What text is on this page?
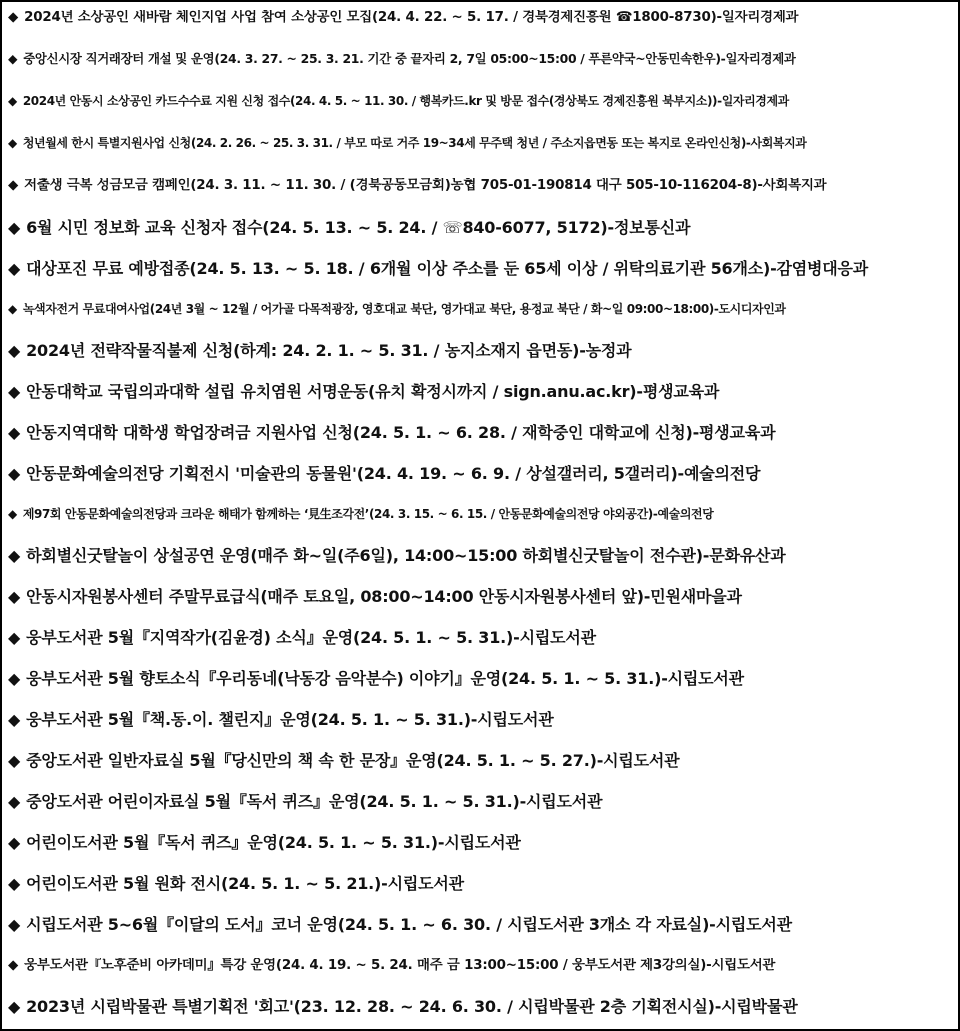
◆ 2024년 소상공인 새바람 체인지업 사업 참여 소상공인 모집(24. 4. 22. ~ 5. 17. / 경북경제진흥원 ☎1800-8730)-일자리경제과
◆ 중앙신시장 직거래장터 개설 및 운영(24. 3. 27. ~ 25. 3. 21. 기간 중 끝자리 2, 7일 05:00~15:00 / 푸른약국~안동민속한우)-일자리경제과
◆ 2024년 안동시 소상공인 카드수수료 지원 신청 접수(24. 4. 5. ~ 11. 30. / 행복카드.kr 및 방문 접수(경상북도 경제진흥원 북부지소))-일자리경제과
◆ 청년월세 한시 특별지원사업 신청(24. 2. 26. ~ 25. 3. 31. / 부모 따로 거주 19~34세 무주택 청년 / 주소지읍면동 또는 복지로 온라인신청)-사회복지과
◆ 저출생 극복 성금모금 캠페인(24. 3. 11. ~ 11. 30. / (경북공동모금회)농협 705-01-190814 대구 505-10-116204-8)-사회복지과
◆ 6월 시민 정보화 교육 신청자 접수(24. 5. 13. ~ 5. 24. / ☏840-6077, 5172)-정보통신과
◆ 대상포진 무료 예방접종(24. 5. 13. ~ 5. 18. / 6개월 이상 주소를 둔 65세 이상 / 위탁의료기관 56개소)-감염병대응과
◆ 녹색자전거 무료대여사업(24년 3월 ~ 12월 / 어가골 다목적광장, 영호대교 북단, 영가대교 북단, 용정교 북단 / 화~일 09:00~18:00)-도시디자인과
◆ 2024년 전략작물직불제 신청(하계: 24. 2. 1. ~ 5. 31. / 농지소재지 읍면동)-농정과
◆ 안동대학교 국립의과대학 설립 유치염원 서명운동(유치 확정시까지 / sign.anu.ac.kr)-평생교육과
◆ 안동지역대학 대학생 학업장려금 지원사업 신청(24. 5. 1. ~ 6. 28. / 재학중인 대학교에 신청)-평생교육과
◆ 안동문화예술의전당 기획전시 '미술관의 동물원'(24. 4. 19. ~ 6. 9. / 상설갤러리, 5갤러리)-예술의전당
◆ 제97회 안동문화예술의전당과 크라운 해태가 함께하는 ‘見生조각전’(24. 3. 15. ~ 6. 15. / 안동문화예술의전당 야외공간)-예술의전당
◆ 하회별신굿탈놀이 상설공연 운영(매주 화~일(주6일), 14:00~15:00 하회별신굿탈놀이 전수관)-문화유산과
◆ 안동시자원봉사센터 주말무료급식(매주 토요일, 08:00~14:00 안동시자원봉사센터 앞)-민원새마을과
◆ 웅부도서관 5월『지역작가(김윤경) 소식』운영(24. 5. 1. ~ 5. 31.)-시립도서관
◆ 웅부도서관 5월 향토소식『우리동네(낙동강 음악분수) 이야기』운영(24. 5. 1. ~ 5. 31.)-시립도서관
◆ 웅부도서관 5월『책.동.이. 챌린지』운영(24. 5. 1. ~ 5. 31.)-시립도서관
◆ 중앙도서관 일반자료실 5월『당신만의 책 속 한 문장』운영(24. 5. 1. ~ 5. 27.)-시립도서관
◆ 중앙도서관 어린이자료실 5월『독서 퀴즈』운영(24. 5. 1. ~ 5. 31.)-시립도서관
◆ 어린이도서관 5월『독서 퀴즈』운영(24. 5. 1. ~ 5. 31.)-시립도서관
◆ 어린이도서관 5월 원화 전시(24. 5. 1. ~ 5. 21.)-시립도서관
◆ 시립도서관 5~6월『이달의 도서』코너 운영(24. 5. 1. ~ 6. 30. / 시립도서관 3개소 각 자료실)-시립도서관
◆ 웅부도서관『노후준비 아카데미』특강 운영(24. 4. 19. ~ 5. 24. 매주 금 13:00~15:00 / 웅부도서관 제3강의실)-시립도서관
◆ 2023년 시립박물관 특별기획전 '회고'(23. 12. 28. ~ 24. 6. 30. / 시립박물관 2층 기획전시실)-시립박물관
